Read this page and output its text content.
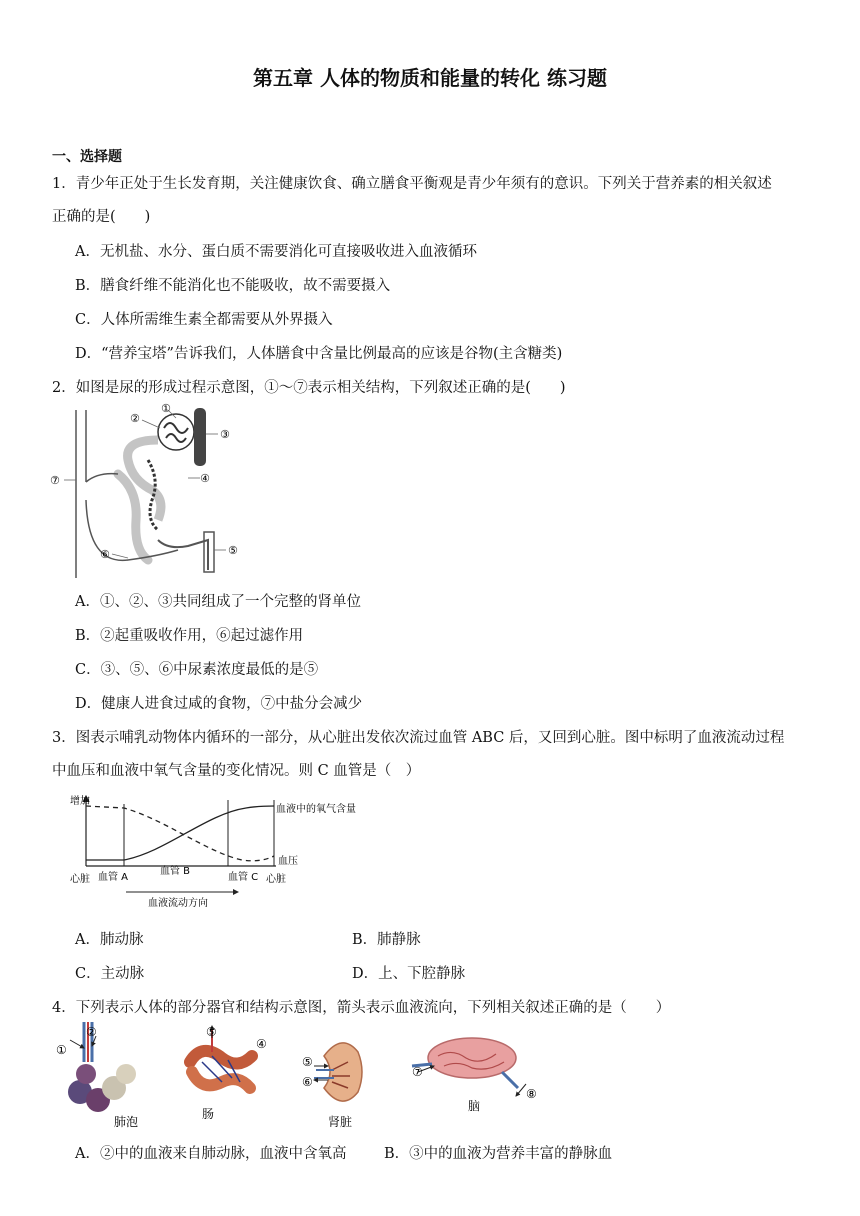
第五章 人体的物质和能量的转化 练习题
一、选择题
1．青少年正处于生长发育期，关注健康饮食、确立膳食平衡观是青少年须有的意识。下列关于营养素的相关叙述
正确的是(　　)
A．无机盐、水分、蛋白质不需要消化可直接吸收进入血液循环
B．膳食纤维不能消化也不能吸收，故不需要摄入
C．人体所需维生素全都需要从外界摄入
D．“营养宝塔”告诉我们，人体膳食中含量比例最高的应该是谷物(主含糖类)
2．如图是尿的形成过程示意图，①～⑦表示相关结构，下列叙述正确的是(　　)
①
②
③
④
⑤
⑥
⑦
A．①、②、③共同组成了一个完整的肾单位
B．②起重吸收作用，⑥起过滤作用
C．③、⑤、⑥中尿素浓度最低的是⑤
D．健康人进食过咸的食物，⑦中盐分会减少
3．图表示哺乳动物体内循环的一部分，从心脏出发依次流过血管 ABC 后，又回到心脏。图中标明了血液流动过程
中血压和血液中氧气含量的变化情况。则 C 血管是（　）
增加
血液中的氧气含量
血压
心脏 血管 A
血管 B
血管 C 心脏
血液流动方向
A．肺动脉	B．肺静脉
C．主动脉	D．上、下腔静脉
4．下列表示人体的部分器官和结构示意图，箭头表示血液流向，下列相关叙述正确的是（　　）
①
②
肺泡
⑤
④
肠
⑤
⑥
肾脏
⑦
⑧
脑
A．②中的血液来自肺动脉，血液中含氧高	B．③中的血液为营养丰富的静脉血
